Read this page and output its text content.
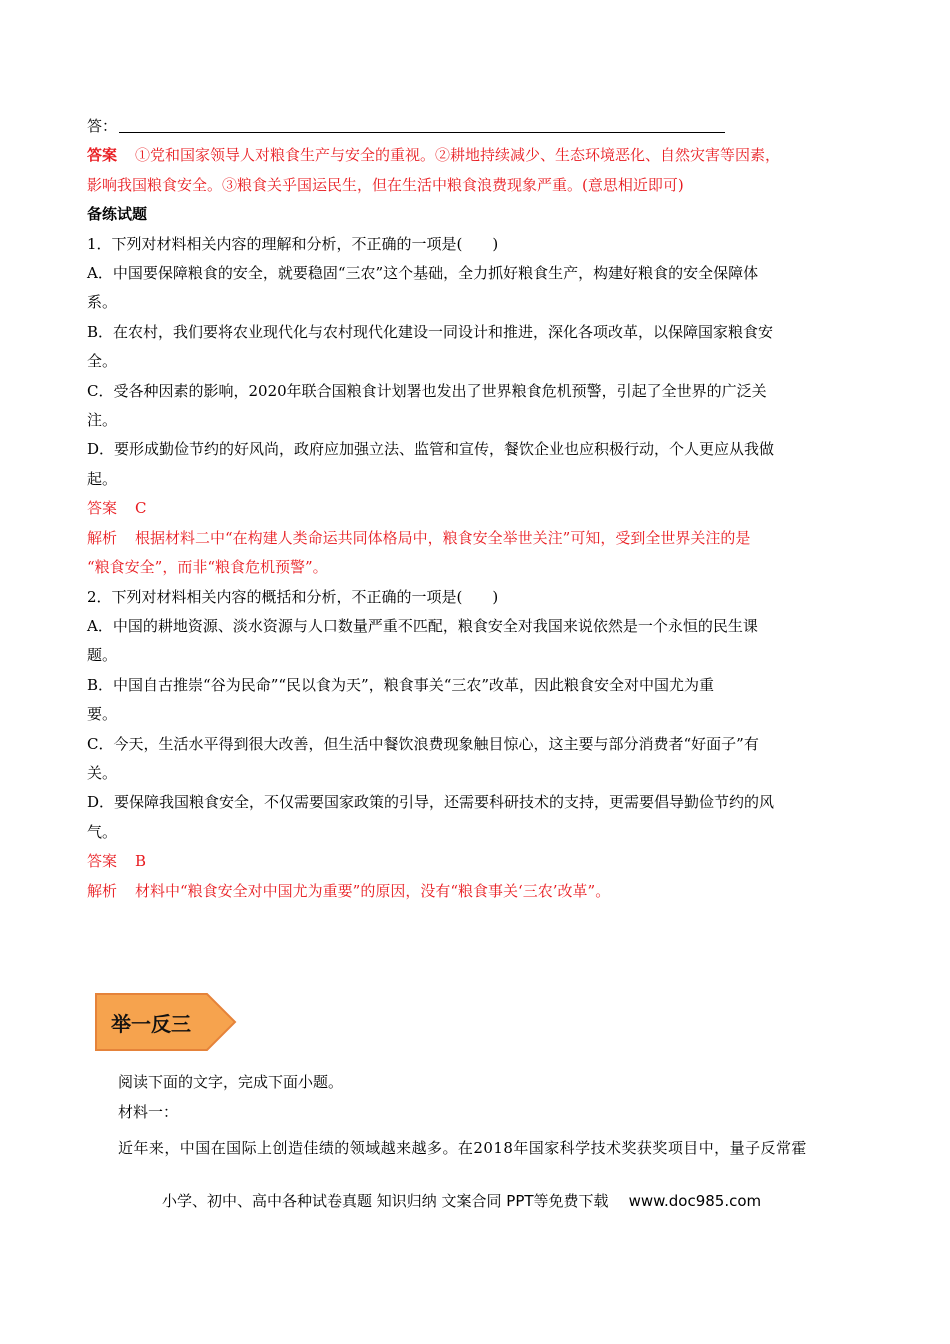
答：
答案 ①党和国家领导人对粮食生产与安全的重视。②耕地持续减少、生态环境恶化、自然灾害等因素，
影响我国粮食安全。③粮食关乎国运民生，但在生活中粮食浪费现象严重。(意思相近即可)
备练试题
1．下列对材料相关内容的理解和分析，不正确的一项是(　　)
A．中国要保障粮食的安全，就要稳固“三农”这个基础，全力抓好粮食生产，构建好粮食的安全保障体
系。
B．在农村，我们要将农业现代化与农村现代化建设一同设计和推进，深化各项改革，以保障国家粮食安
全。
C．受各种因素的影响，2020年联合国粮食计划署也发出了世界粮食危机预警，引起了全世界的广泛关
注。
D．要形成勤俭节约的好风尚，政府应加强立法、监管和宣传，餐饮企业也应积极行动，个人更应从我做
起。
答案 C
解析 根据材料二中“在构建人类命运共同体格局中，粮食安全举世关注”可知，受到全世界关注的是
“粮食安全”，而非“粮食危机预警”。
2．下列对材料相关内容的概括和分析，不正确的一项是(　　)
A．中国的耕地资源、淡水资源与人口数量严重不匹配，粮食安全对我国来说依然是一个永恒的民生课
题。
B．中国自古推崇“谷为民命”“民以食为天”，粮食事关“三农”改革，因此粮食安全对中国尤为重
要。
C．今天，生活水平得到很大改善，但生活中餐饮浪费现象触目惊心，这主要与部分消费者“好面子”有
关。
D．要保障我国粮食安全，不仅需要国家政策的引导，还需要科研技术的支持，更需要倡导勤俭节约的风
气。
答案 B
解析 材料中“粮食安全对中国尤为重要”的原因，没有“粮食事关‘三农’改革”。
举一反三
阅读下面的文字，完成下面小题。
材料一：
近年来，中国在国际上创造佳绩的领域越来越多。在2018年国家科学技术奖获奖项目中，量子反常霍
小学、初中、高中各种试卷真题 知识归纳 文案合同 PPT等免费下载 www.doc985.com
